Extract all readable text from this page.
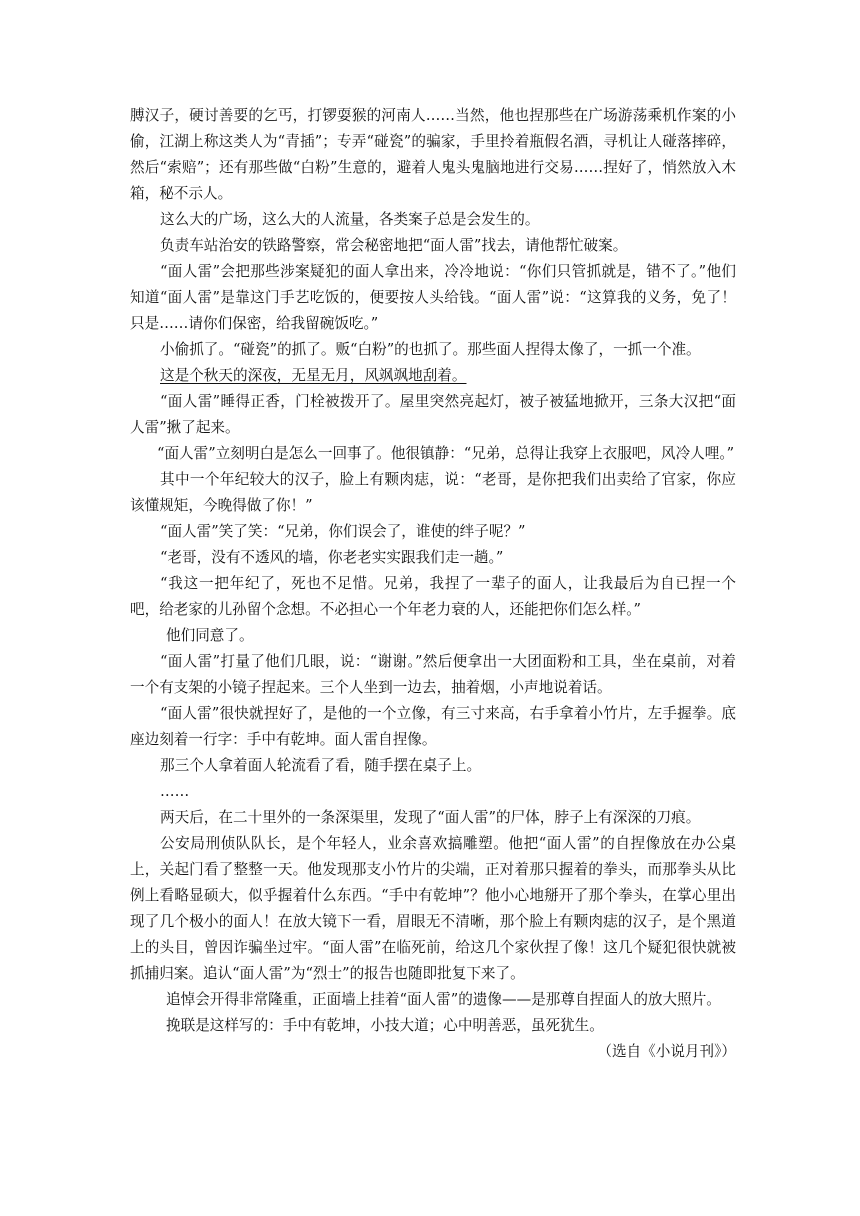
膊汉子，硬讨善要的乞丐，打锣耍猴的河南人……当然，他也捏那些在广场游荡乘机作案的小偷，江湖上称这类人为“青插”；专弄“碰瓷”的骗家，手里拎着瓶假名酒，寻机让人碰落摔碎，然后“索赔”；还有那些做“白粉”生意的，避着人鬼头鬼脑地进行交易……捏好了，悄然放入木箱，秘不示人。

这么大的广场，这么大的人流量，各类案子总是会发生的。

负责车站治安的铁路警察，常会秘密地把“面人雷”找去，请他帮忙破案。

“面人雷”会把那些涉案疑犯的面人拿出来，冷冷地说：“你们只管抓就是，错不了。”他们知道“面人雷”是靠这门手艺吃饭的，便要按人头给钱。“面人雷”说：“这算我的义务，免了！只是……请你们保密，给我留碗饭吃。”

小偷抓了。“碰瓷”的抓了。贩“白粉”的也抓了。那些面人捏得太像了，一抓一个准。

这是个秋天的深夜，无星无月，风飒飒地刮着。

“面人雷”睡得正香，门栓被拨开了。屋里突然亮起灯，被子被猛地掀开，三条大汉把“面人雷”揪了起来。

“面人雷”立刻明白是怎么一回事了。他很镇静：“兄弟，总得让我穿上衣服吧，风冷人哩。”

其中一个年纪较大的汉子，脸上有颗肉痣，说：“老哥，是你把我们出卖给了官家，你应该懂规矩，今晚得做了你！”

“面人雷”笑了笑：“兄弟，你们误会了，谁使的绊子呢？”

“老哥，没有不透风的墙，你老老实实跟我们走一趟。”

“我这一把年纪了，死也不足惜。兄弟，我捏了一辈子的面人，让我最后为自已捏一个吧，给老家的儿孙留个念想。不必担心一个年老力衰的人，还能把你们怎么样。”

他们同意了。

“面人雷”打量了他们几眼，说：“谢谢。”然后便拿出一大团面粉和工具，坐在桌前，对着一个有支架的小镜子捏起来。三个人坐到一边去，抽着烟，小声地说着话。

“面人雷”很快就捏好了，是他的一个立像，有三寸来高，右手拿着小竹片，左手握拳。底座边刻着一行字：手中有乾坤。面人雷自捏像。

那三个人拿着面人轮流看了看，随手摆在桌子上。

……

两天后，在二十里外的一条深渠里，发现了“面人雷”的尸体，脖子上有深深的刀痕。

公安局刑侦队队长，是个年轻人，业余喜欢搞雕塑。他把“面人雷”的自捏像放在办公桌上，关起门看了整整一天。他发现那支小竹片的尖端，正对着那只握着的拳头，而那拳头从比例上看略显硕大，似乎握着什么东西。“手中有乾坤”？他小心地掰开了那个拳头，在掌心里出现了几个极小的面人！在放大镜下一看，眉眼无不清晰，那个脸上有颗肉痣的汉子，是个黑道上的头目，曾因诈骗坐过牢。“面人雷”在临死前，给这几个家伙捏了像！这几个疑犯很快就被抓捕归案。追认“面人雷”为“烈士”的报告也随即批复下来了。

追悼会开得非常隆重，正面墙上挂着“面人雷”的遗像——是那尊自捏面人的放大照片。

挽联是这样写的：手中有乾坤，小技大道；心中明善恶，虽死犹生。

（选自《小说月刊》）
